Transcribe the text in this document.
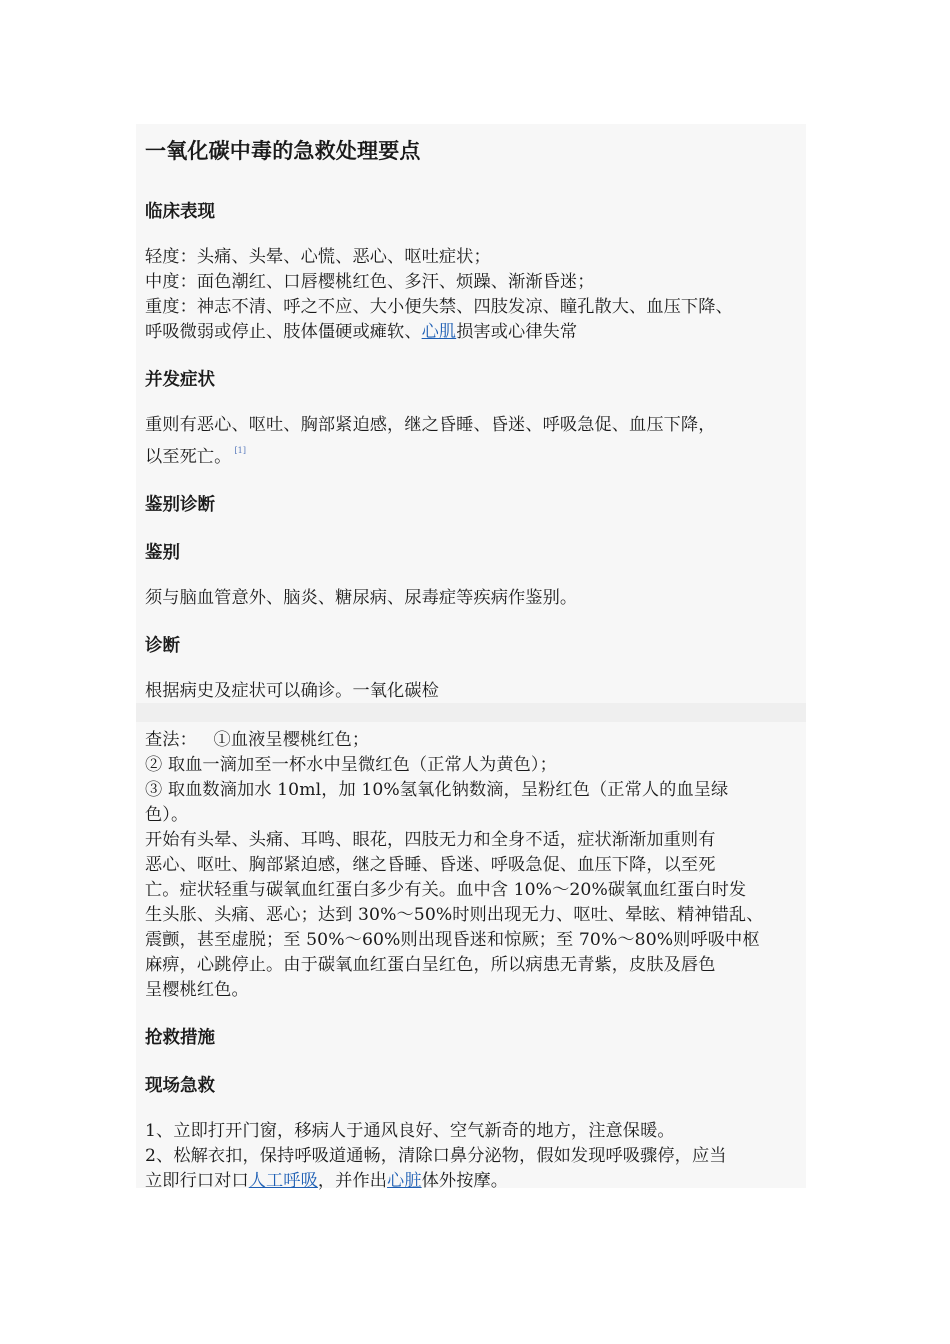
一氧化碳中毒的急救处理要点
临床表现

轻度：头痛、头晕、心慌、恶心、呕吐症状；

中度：面色潮红、口唇樱桃红色、多汗、烦躁、渐渐昏迷；

重度：神志不清、呼之不应、大小便失禁、四肢发凉、瞳孔散大、血压下降、

呼吸微弱或停止、肢体僵硬或瘫软、心肌损害或心律失常

并发症状

重则有恶心、呕吐、胸部紧迫感，继之昏睡、昏迷、呼吸急促、血压下降，

以至死亡。 [1]

鉴别诊断
鉴别

须与脑血管意外、脑炎、糖尿病、尿毒症等疾病作鉴别。

诊断

根据病史及症状可以确诊。一氧化碳检

查法：   ①血液呈樱桃红色；

② 取血一滴加至一杯水中呈微红色（正常人为黄色）；

③ 取血数滴加水 10ml，加 10%氢氧化钠数滴，呈粉红色（正常人的血呈绿

色）。

开始有头晕、头痛、耳鸣、眼花，四肢无力和全身不适，症状渐渐加重则有

恶心、呕吐、胸部紧迫感，继之昏睡、昏迷、呼吸急促、血压下降，以至死

亡。症状轻重与碳氧血红蛋白多少有关。血中含 10%～20%碳氧血红蛋白时发

生头胀、头痛、恶心；达到 30%～50%时则出现无力、呕吐、晕眩、精神错乱、

震颤，甚至虚脱；至 50%～60%则出现昏迷和惊厥；至 70%～80%则呼吸中枢

麻痹，心跳停止。由于碳氧血红蛋白呈红色，所以病患无青紫，皮肤及唇色

呈樱桃红色。

抢救措施
现场急救

1、立即打开门窗，移病人于通风良好、空气新奇的地方，注意保暖。

2、松解衣扣，保持呼吸道通畅，清除口鼻分泌物，假如发现呼吸骤停，应当

立即行口对口人工呼吸，并作出心脏体外按摩。
